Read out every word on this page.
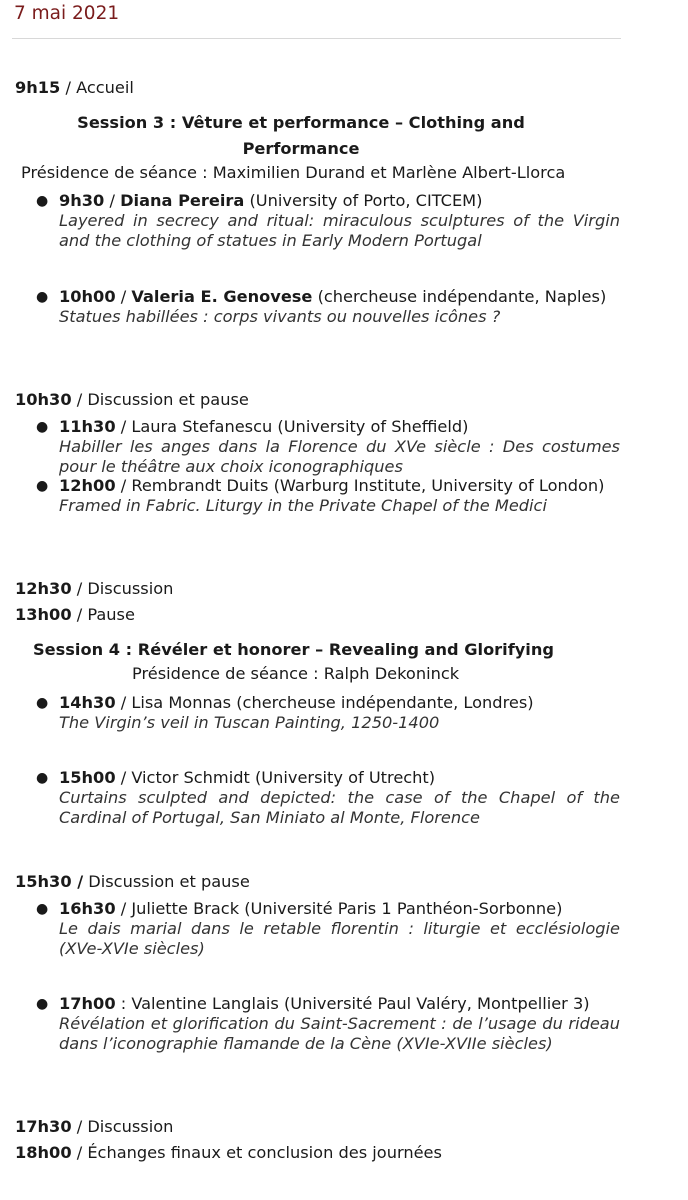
7 mai 2021
9h15 / Accueil
Session 3 : Vêture et performance – Clothing and
Performance
Présidence de séance : Maximilien Durand et Marlène Albert-Llorca
● 9h30 / Diana Pereira (University of Porto, CITCEM)
Layered in secrecy and ritual: miraculous sculptures of the Virgin and the clothing of statues in Early Modern Portugal
● 10h00 / Valeria E. Genovese (chercheuse indépendante, Naples)
Statues habillées : corps vivants ou nouvelles icônes ?
10h30 / Discussion et pause
● 11h30 / Laura Stefanescu (University of Sheffield)
Habiller les anges dans la Florence du XVe siècle : Des costumes pour le théâtre aux choix iconographiques
● 12h00 / Rembrandt Duits (Warburg Institute, University of London)
Framed in Fabric. Liturgy in the Private Chapel of the Medici
12h30 / Discussion
13h00 / Pause
Session 4 : Révéler et honorer – Revealing and Glorifying
Présidence de séance : Ralph Dekoninck
● 14h30 / Lisa Monnas (chercheuse indépendante, Londres)
The Virgin’s veil in Tuscan Painting, 1250-1400
● 15h00 / Victor Schmidt (University of Utrecht)
Curtains sculpted and depicted: the case of the Chapel of the Cardinal of Portugal, San Miniato al Monte, Florence
15h30 / Discussion et pause
● 16h30 / Juliette Brack (Université Paris 1 Panthéon-Sorbonne)
Le dais marial dans le retable florentin : liturgie et ecclésiologie (XVe-XVIe siècles)
● 17h00 : Valentine Langlais (Université Paul Valéry, Montpellier 3)
Révélation et glorification du Saint-Sacrement : de l’usage du rideau dans l’iconographie flamande de la Cène (XVIe-XVIIe siècles)
17h30 / Discussion
18h00 / Échanges finaux et conclusion des journées
